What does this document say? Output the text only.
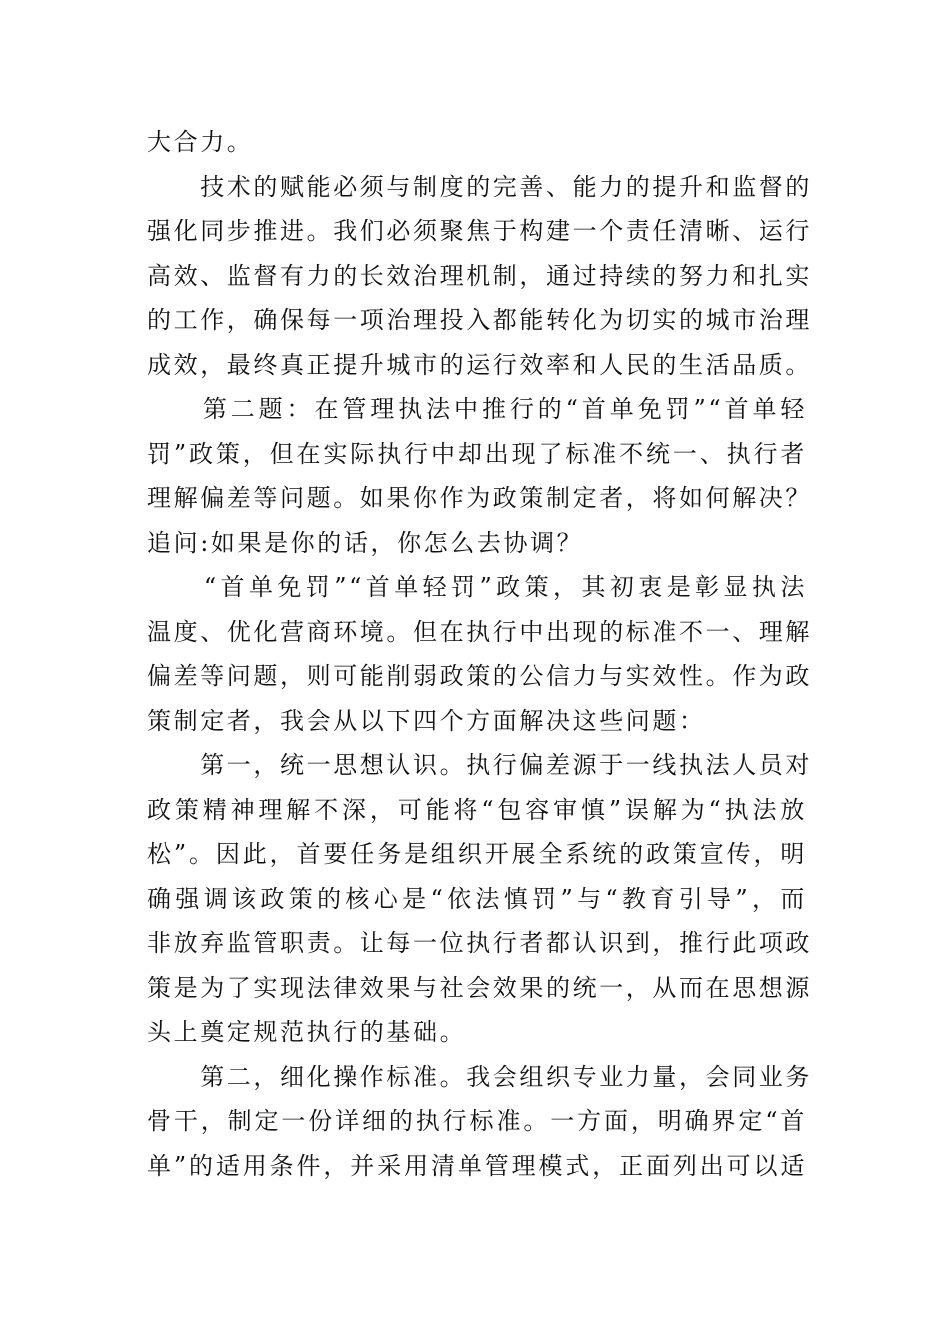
大合力。
　　技术的赋能必须与制度的完善、能力的提升和监督的
强化同步推进。我们必须聚焦于构建一个责任清晰、运行
高效、监督有力的长效治理机制，通过持续的努力和扎实
的工作，确保每一项治理投入都能转化为切实的城市治理
成效，最终真正提升城市的运行效率和人民的生活品质。
　　第二题：在管理执法中推行的“首单免罚”“首单轻
罚”政策，但在实际执行中却出现了标准不统一、执行者
理解偏差等问题。如果你作为政策制定者，将如何解决？
追问:如果是你的话，你怎么去协调？
　　“首单免罚”“首单轻罚”政策，其初衷是彰显执法
温度、优化营商环境。但在执行中出现的标准不一、理解
偏差等问题，则可能削弱政策的公信力与实效性。作为政
策制定者，我会从以下四个方面解决这些问题：
　　第一，统一思想认识。执行偏差源于一线执法人员对
政策精神理解不深，可能将“包容审慎”误解为“执法放
松”。因此，首要任务是组织开展全系统的政策宣传，明
确强调该政策的核心是“依法慎罚”与“教育引导”，而
非放弃监管职责。让每一位执行者都认识到，推行此项政
策是为了实现法律效果与社会效果的统一，从而在思想源
头上奠定规范执行的基础。
　　第二，细化操作标准。我会组织专业力量，会同业务
骨干，制定一份详细的执行标准。一方面，明确界定“首
单”的适用条件，并采用清单管理模式，正面列出可以适
